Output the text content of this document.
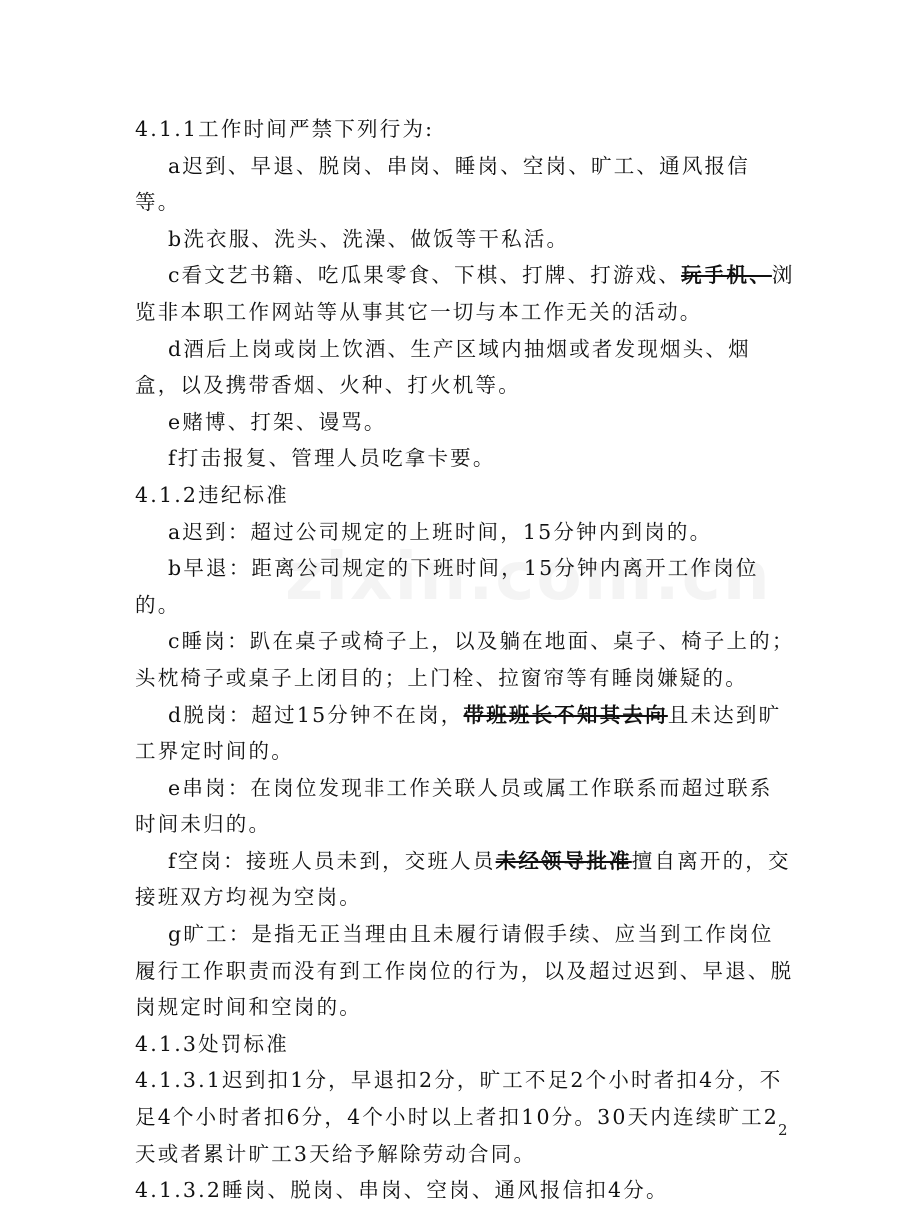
4.1.1工作时间严禁下列行为:

a迟到、早退、脱岗、串岗、睡岗、空岗、旷工、通风报信等。

b洗衣服、洗头、洗澡、做饭等干私活。

c看文艺书籍、吃瓜果零食、下棋、打牌、打游戏、玩手机、浏览非本职工作网站等从事其它一切与本工作无关的活动。

d酒后上岗或岗上饮酒、生产区域内抽烟或者发现烟头、烟盒，以及携带香烟、火种、打火机等。

e赌博、打架、谩骂。

f打击报复、管理人员吃拿卡要。

4.1.2违纪标准

a迟到：超过公司规定的上班时间，15分钟内到岗的。

b早退：距离公司规定的下班时间，15分钟内离开工作岗位的。

c睡岗：趴在桌子或椅子上，以及躺在地面、桌子、椅子上的；头枕椅子或桌子上闭目的；上门栓、拉窗帘等有睡岗嫌疑的。

d脱岗：超过15分钟不在岗，带班班长不知其去向且未达到旷工界定时间的。

e串岗：在岗位发现非工作关联人员或属工作联系而超过联系时间未归的。

f空岗：接班人员未到，交班人员未经领导批准擅自离开的，交接班双方均视为空岗。

g旷工：是指无正当理由且未履行请假手续、应当到工作岗位履行工作职责而没有到工作岗位的行为，以及超过迟到、早退、脱岗规定时间和空岗的。

4.1.3处罚标准

4.1.3.1迟到扣1分，早退扣2分，旷工不足2个小时者扣4分，不足4个小时者扣6分，4个小时以上者扣10分。30天内连续旷工2天或者累计旷工3天给予解除劳动合同。

4.1.3.2睡岗、脱岗、串岗、空岗、通风报信扣4分。

2
